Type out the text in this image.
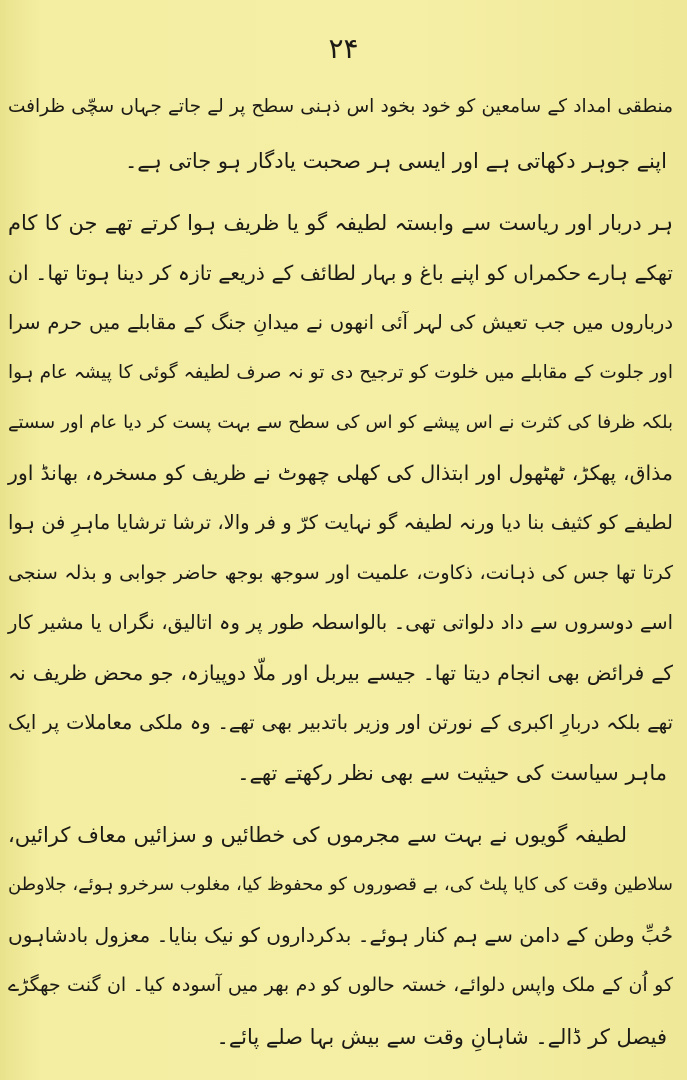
۲۴
منطقی امداد کے سامعین کو خود بخود اس ذہنی سطح پر لے جاتے جہاں سچّی ظرافت
اپنے جوہر دکھاتی ہے اور ایسی ہر صحبت یادگار ہو جاتی ہے۔
ہر دربار اور ریاست سے وابستہ لطیفہ گو یا ظریف ہوا کرتے تھے جن کا کام
تھکے ہارے حکمراں کو اپنے باغ و بہار لطائف کے ذریعے تازہ کر دینا ہوتا تھا۔ ان
درباروں میں جب تعیش کی لہر آئی انھوں نے میدانِ جنگ کے مقابلے میں حرم سرا
اور جلوت کے مقابلے میں خلوت کو ترجیح دی تو نہ صرف لطیفہ گوئی کا پیشہ عام ہوا
بلکہ ظرفا کی کثرت نے اس پیشے کو اس کی سطح سے بہت پست کر دیا عام اور سستے
مذاق، پھکڑ، ٹھٹھول اور ابتذال کی کھلی چھوٹ نے ظریف کو مسخرہ، بھانڈ اور
لطیفے کو کثیف بنا دیا ورنہ لطیفہ گو نہایت کرّ و فر والا، ترشا ترشایا ماہرِ فن ہوا
کرتا تھا جس کی ذہانت، ذکاوت، علمیت اور سوجھ بوجھ حاضر جوابی و بذلہ سنجی
اسے دوسروں سے داد دلواتی تھی۔ بالواسطہ طور پر وہ اتالیق، نگراں یا مشیر کار
کے فرائض بھی انجام دیتا تھا۔ جیسے بیربل اور ملّا دوپیازہ، جو محض ظریف نہ
تھے بلکہ دربارِ اکبری کے نورتن اور وزیر باتدبیر بھی تھے۔ وہ ملکی معاملات پر ایک
ماہر سیاست کی حیثیت سے بھی نظر رکھتے تھے۔
لطیفہ گویوں نے بہت سے مجرموں کی خطائیں و سزائیں معاف کرائیں،
سلاطین وقت کی کایا پلٹ کی، بے قصوروں کو محفوظ کیا، مغلوب سرخرو ہوئے، جلاوطن
حُبِّ وطن کے دامن سے ہم کنار ہوئے۔ بدکرداروں کو نیک بنایا۔ معزول بادشاہوں
کو اُن کے ملک واپس دلوائے، خستہ حالوں کو دم بھر میں آسودہ کیا۔ ان گنت جھگڑے
فیصل کر ڈالے۔ شاہانِ وقت سے بیش بہا صلے پائے۔
